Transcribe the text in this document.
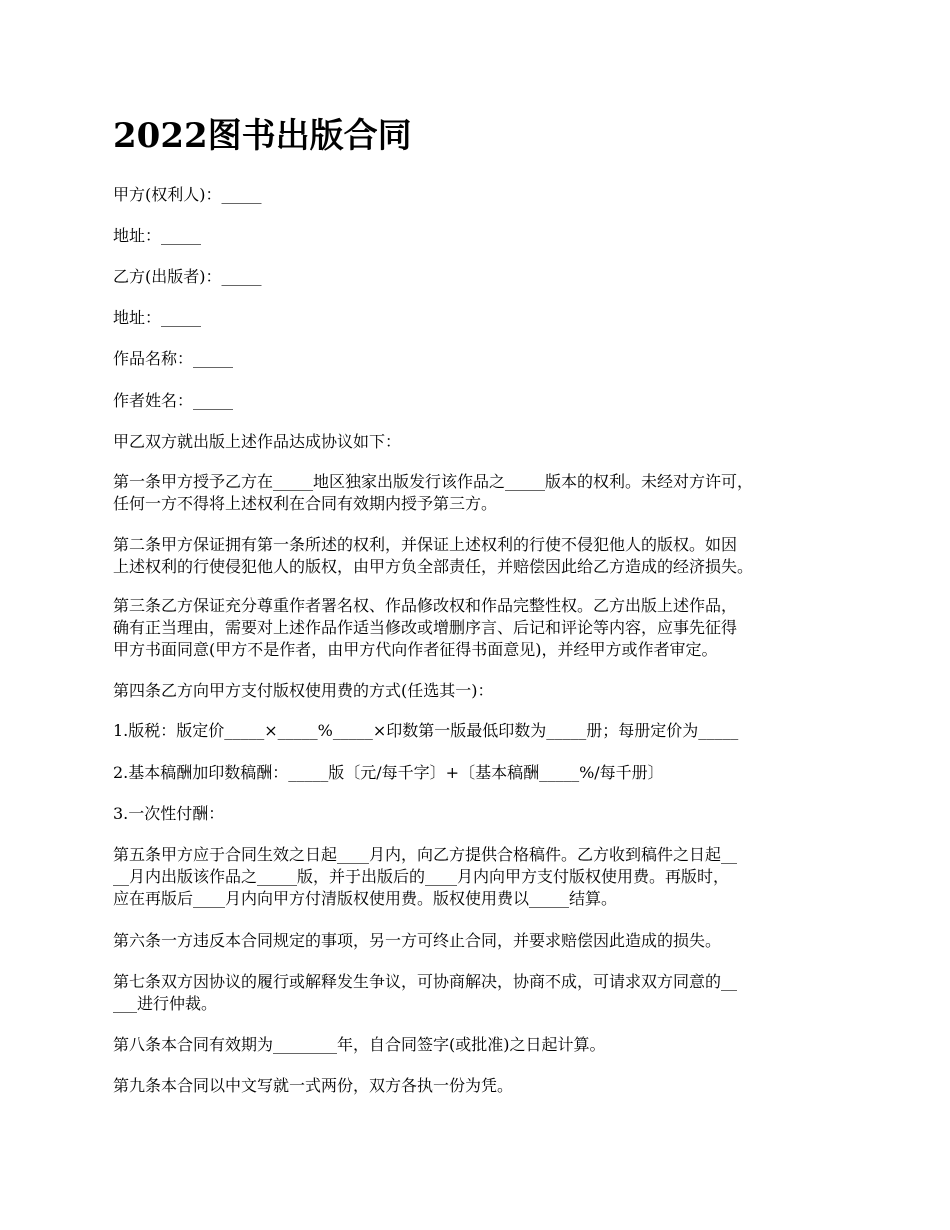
2022图书出版合同

甲方(权利人)：_____

地址：_____

乙方(出版者)：_____

地址：_____

作品名称：_____

作者姓名：_____

甲乙双方就出版上述作品达成协议如下：

第一条甲方授予乙方在_____地区独家出版发行该作品之_____版本的权利。未经对方许可，
任何一方不得将上述权利在合同有效期内授予第三方。

第二条甲方保证拥有第一条所述的权利，并保证上述权利的行使不侵犯他人的版权。如因
上述权利的行使侵犯他人的版权，由甲方负全部责任，并赔偿因此给乙方造成的经济损失。

第三条乙方保证充分尊重作者署名权、作品修改权和作品完整性权。乙方出版上述作品，
确有正当理由，需要对上述作品作适当修改或增删序言、后记和评论等内容，应事先征得
甲方书面同意(甲方不是作者，由甲方代向作者征得书面意见)，并经甲方或作者审定。

第四条乙方向甲方支付版权使用费的方式(任选其一)：

1.版税：版定价_____×_____%_____×印数第一版最低印数为_____册；每册定价为_____

2.基本稿酬加印数稿酬：_____版〔元/每千字〕+〔基本稿酬_____%/每千册〕

3.一次性付酬：

第五条甲方应于合同生效之日起____月内，向乙方提供合格稿件。乙方收到稿件之日起__
__月内出版该作品之_____版，并于出版后的____月内向甲方支付版权使用费。再版时，
应在再版后____月内向甲方付清版权使用费。版权使用费以_____结算。

第六条一方违反本合同规定的事项，另一方可终止合同，并要求赔偿因此造成的损失。

第七条双方因协议的履行或解释发生争议，可协商解决，协商不成，可请求双方同意的__
___进行仲裁。

第八条本合同有效期为________年，自合同签字(或批准)之日起计算。

第九条本合同以中文写就一式两份，双方各执一份为凭。
